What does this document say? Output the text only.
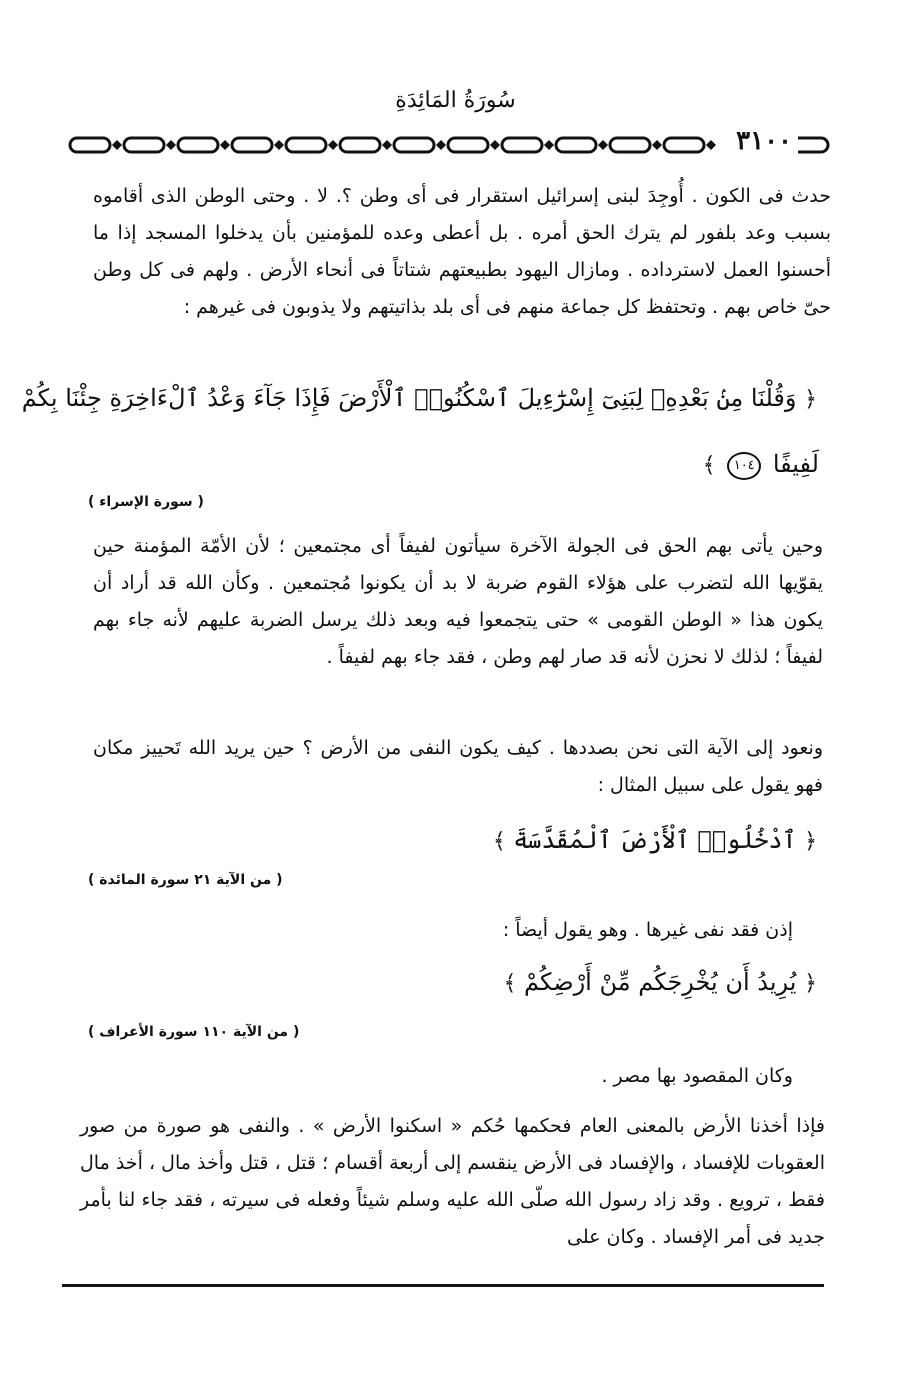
سُورَةُ المَائِدَةِ
٣١٠٠

حدث فى الكون . أُوجِدَ لبنى إسرائيل استقرار فى أى وطن ؟. لا . وحتى الوطن الذى أقاموه بسبب وعد بلفور لم يترك الحق أمره . بل أعطى وعده للمؤمنين بأن يدخلوا المسجد إذا ما أحسنوا العمل لاسترداده . ومازال اليهود بطبيعتهم شتاتاً فى أنحاء الأرض . ولهم فى كل وطن حىّ خاص بهم . وتحتفظ كل جماعة منهم فى أى بلد بذاتيتهم ولا يذوبون فى غيرهم :

﴿ وَقُلْنَا مِنۢ بَعْدِهِۦ لِبَنِىٓ إِسْرَٰٓءِيلَ ٱسْكُنُوا۟ ٱلْأَرْضَ فَإِذَا جَآءَ وَعْدُ ٱلْءَاخِرَةِ جِئْنَا بِكُمْ
لَفِيفًا ١٠٤ ﴾
( سورة الإسراء )

وحين يأتى بهم الحق فى الجولة الآخرة سيأتون لفيفاً أى مجتمعين ؛ لأن الأمّة المؤمنة حين يقوّيها الله لتضرب على هؤلاء القوم ضربة لا بد أن يكونوا مُجتمعين . وكأن الله قد أراد أن يكون هذا « الوطن القومى » حتى يتجمعوا فيه وبعد ذلك يرسل الضربة عليهم لأنه جاء بهم لفيفاً ؛ لذلك لا نحزن لأنه قد صار لهم وطن ، فقد جاء بهم لفيفاً .

ونعود إلى الآية التى نحن بصددها . كيف يكون النفى من الأرض ؟ حين يريد الله تَحييز مكان فهو يقول على سبيل المثال :

﴿ ٱدْخُلُوا۟ ٱلْأَرْضَ ٱلْمُقَدَّسَةَ ﴾
( من الآية ٢١ سورة المائدة )

إذن فقد نفى غيرها . وهو يقول أيضاً :

﴿ يُرِيدُ أَن يُخْرِجَكُم مِّنْ أَرْضِكُمْ ﴾
( من الآية ١١٠ سورة الأعراف )

وكان المقصود بها مصر .

فإذا أخذنا الأرض بالمعنى العام فحكمها حُكم « اسكنوا الأرض » . والنفى هو صورة من صور العقوبات للإفساد ، والإفساد فى الأرض ينقسم إلى أربعة أقسام ؛ قتل ، قتل وأخذ مال ، أخذ مال فقط ، ترويع . وقد زاد رسول الله صلّى الله عليه وسلم شيئاً وفعله فى سيرته ، فقد جاء لنا بأمر جديد فى أمر الإفساد . وكان على
